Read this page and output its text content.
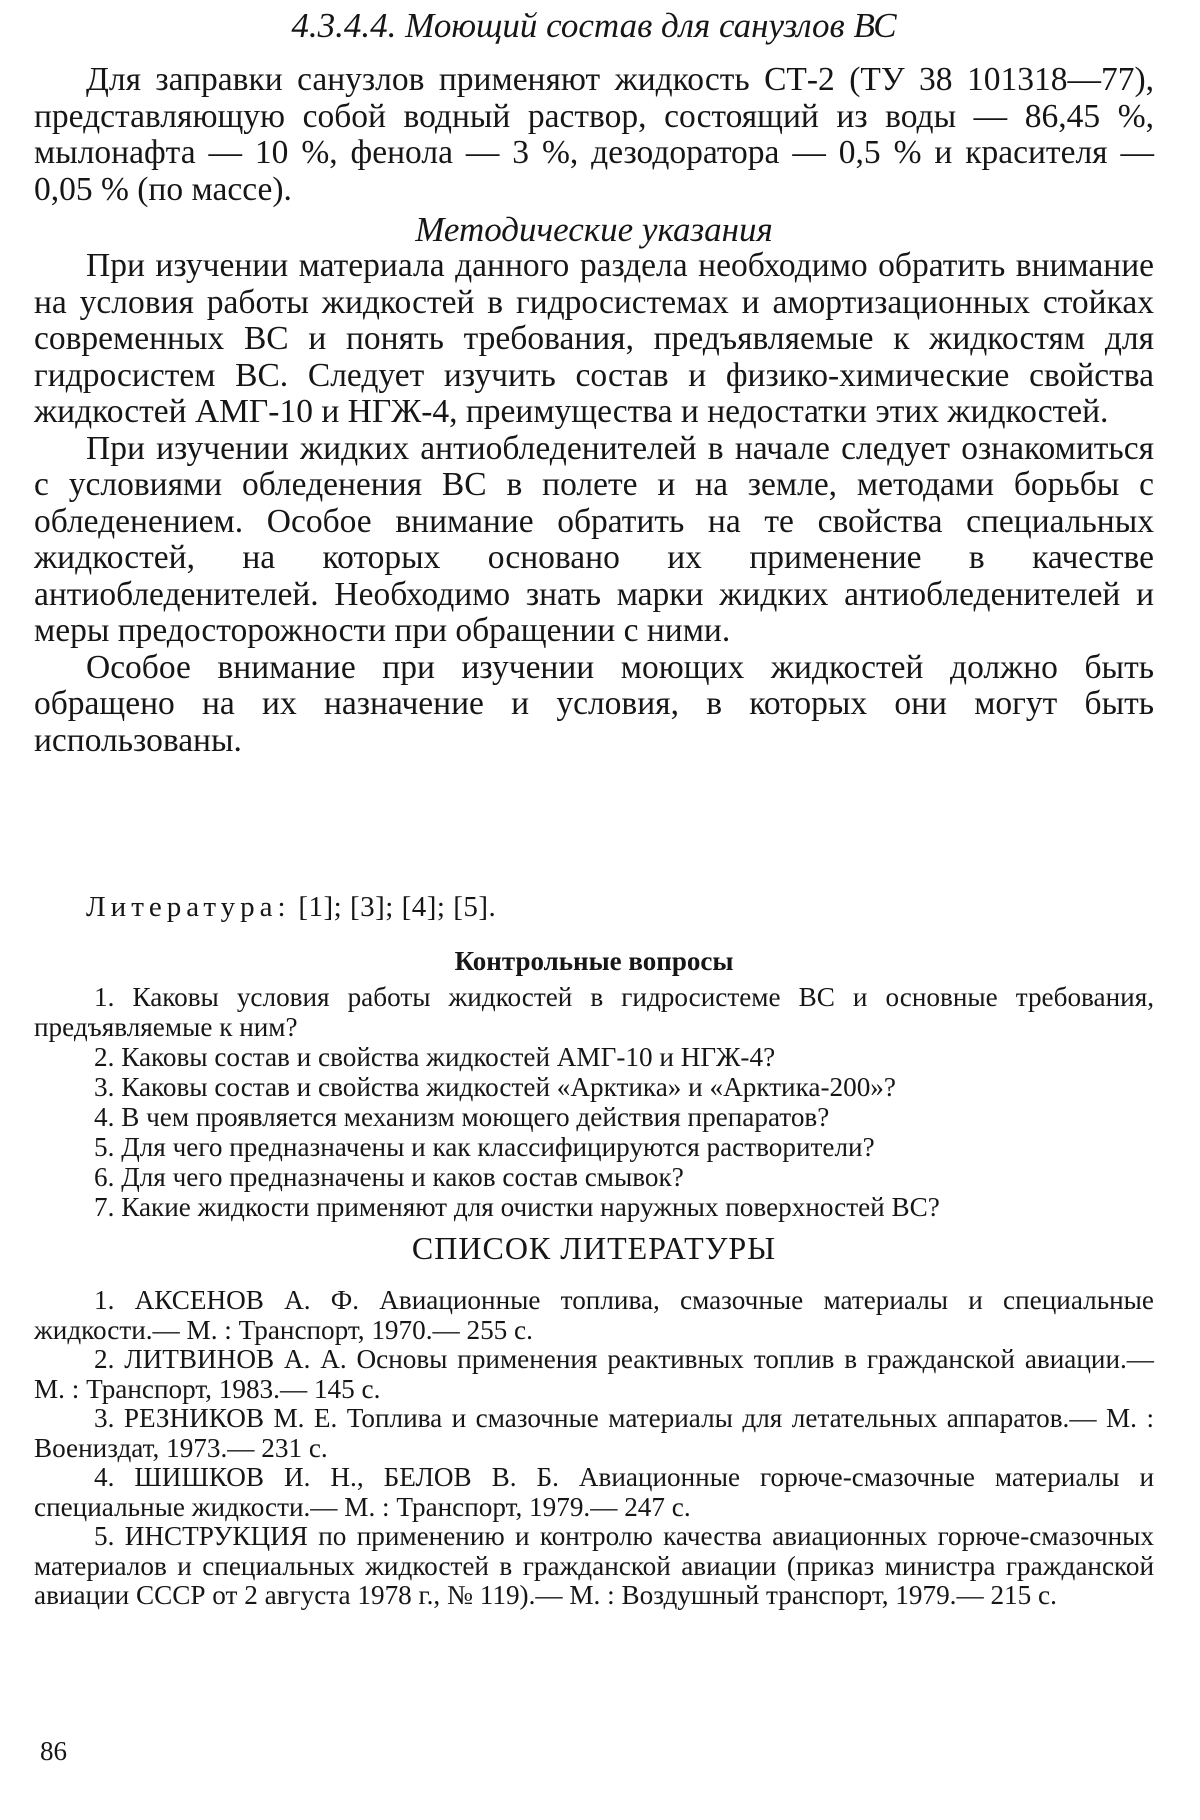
4.3.4.4. Моющий состав для санузлов ВС

Для заправки санузлов применяют жидкость СТ-2 (ТУ 38 101318—77), представляющую собой водный раствор, состоящий из воды — 86,45 %, мылонафта — 10 %, фенола — 3 %, дезодоратора — 0,5 % и красителя — 0,05 % (по массе).

Методические указания

При изучении материала данного раздела необходимо обратить внимание на условия работы жидкостей в гидросистемах и амортизационных стойках современных ВС и понять требования, предъявляемые к жидкостям для гидросистем ВС. Следует изучить состав и физико-химические свойства жидкостей АМГ-10 и НГЖ-4, преимущества и недостатки этих жидкостей.

При изучении жидких антиобледенителей в начале следует ознакомиться с условиями обледенения ВС в полете и на земле, методами борьбы с обледенением. Особое внимание обратить на те свойства специальных жидкостей, на которых основано их применение в качестве антиобледенителей. Необходимо знать марки жидких антиобледенителей и меры предосторожности при обращении с ними.

Особое внимание при изучении моющих жидкостей должно быть обращено на их назначение и условия, в которых они могут быть использованы.

Литература: [1]; [3]; [4]; [5].
Контрольные вопросы

1. Каковы условия работы жидкостей в гидросистеме ВС и основные требования, предъявляемые к ним?

2. Каковы состав и свойства жидкостей АМГ-10 и НГЖ-4?

3. Каковы состав и свойства жидкостей «Арктика» и «Арктика-200»?

4. В чем проявляется механизм моющего действия препаратов?

5. Для чего предназначены и как классифицируются растворители?

6. Для чего предназначены и каков состав смывок?

7. Какие жидкости применяют для очистки наружных поверхностей ВС?

СПИСОК ЛИТЕРАТУРЫ

1. АКСЕНОВ А. Ф. Авиационные топлива, смазочные материалы и специальные жидкости.— М. : Транспорт, 1970.— 255 с.

2. ЛИТВИНОВ А. А. Основы применения реактивных топлив в гражданской авиации.— М. : Транспорт, 1983.— 145 с.

3. РЕЗНИКОВ М. Е. Топлива и смазочные материалы для летательных аппаратов.— М. : Воениздат, 1973.— 231 с.

4. ШИШКОВ И. Н., БЕЛОВ В. Б. Авиационные горюче-смазочные материалы и специальные жидкости.— М. : Транспорт, 1979.— 247 с.

5. ИНСТРУКЦИЯ по применению и контролю качества авиационных горюче-смазочных материалов и специальных жидкостей в гражданской авиации (приказ министра гражданской авиации СССР от 2 августа 1978 г., № 119).— М. : Воздушный транспорт, 1979.— 215 с.

86
